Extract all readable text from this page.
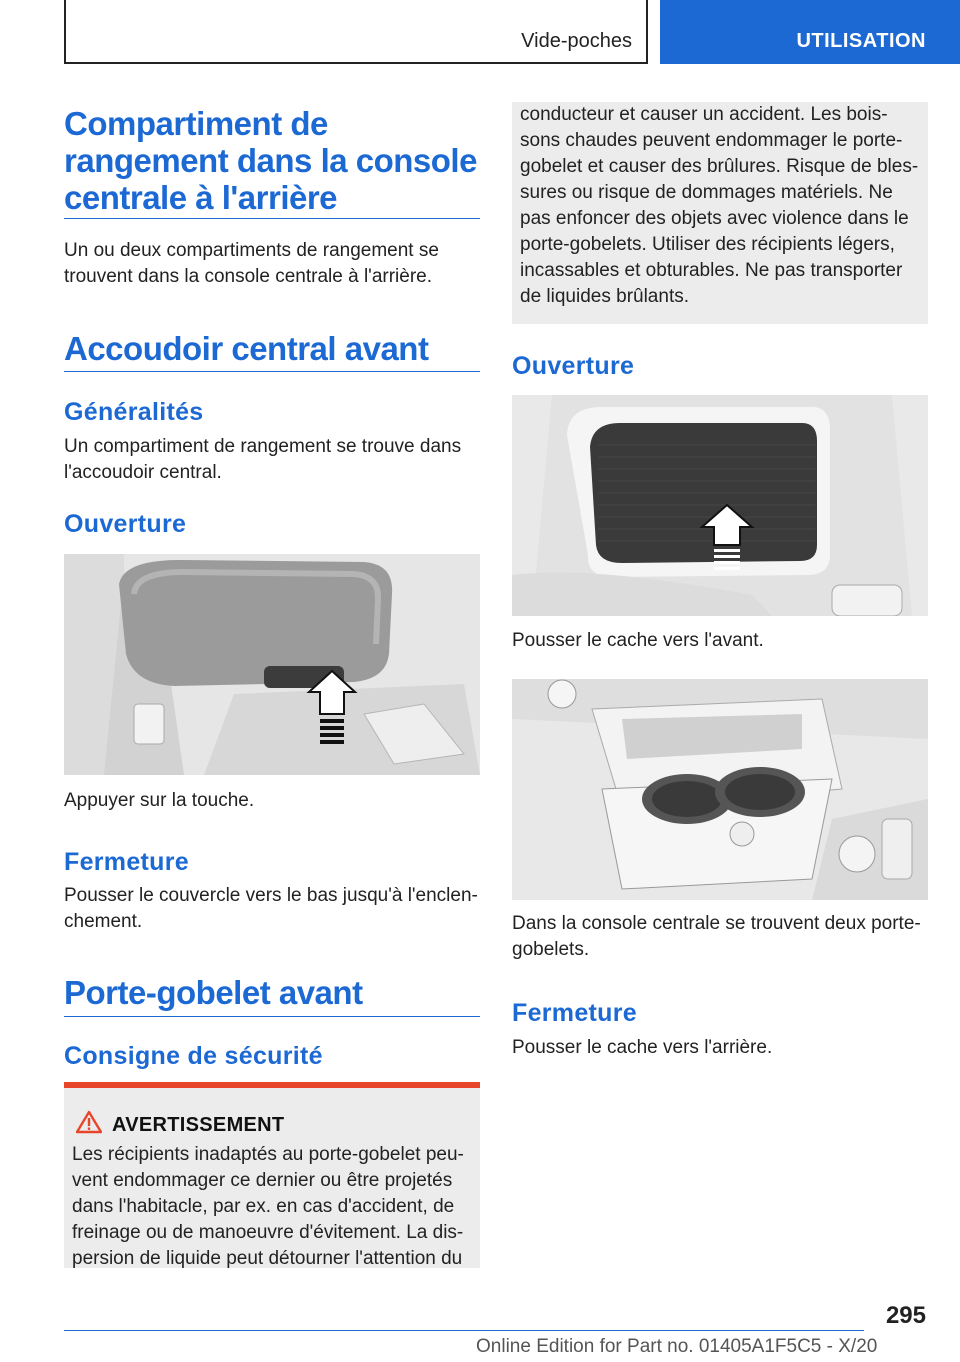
Vide-poches	UTILISATION
Compartiment de
rangement dans la console
centrale à l'arrière
Un ou deux compartiments de rangement se
trouvent dans la console centrale à l'arrière.
Accoudoir central avant
Généralités
Un compartiment de rangement se trouve dans
l'accoudoir central.
Ouverture
Appuyer sur la touche.
Fermeture
Pousser le couvercle vers le bas jusqu'à l'enclen‐
chement.
Porte-gobelet avant
Consigne de sécurité
AVERTISSEMENT
Les récipients inadaptés au porte-gobelet peu‐
vent endommager ce dernier ou être projetés
dans l'habitacle, par ex. en cas d'accident, de
freinage ou de manoeuvre d'évitement. La dis‐
persion de liquide peut détourner l'attention du
conducteur et causer un accident. Les bois‐
sons chaudes peuvent endommager le porte-
gobelet et causer des brûlures. Risque de bles‐
sures ou risque de dommages matériels. Ne
pas enfoncer des objets avec violence dans le
porte-gobelets. Utiliser des récipients légers,
incassables et obturables. Ne pas transporter
de liquides brûlants.
Ouverture
Pousser le cache vers l'avant.
Dans la console centrale se trouvent deux porte-
gobelets.
Fermeture
Pousser le cache vers l'arrière.
295
Online Edition for Part no. 01405A1F5C5 - X/20
